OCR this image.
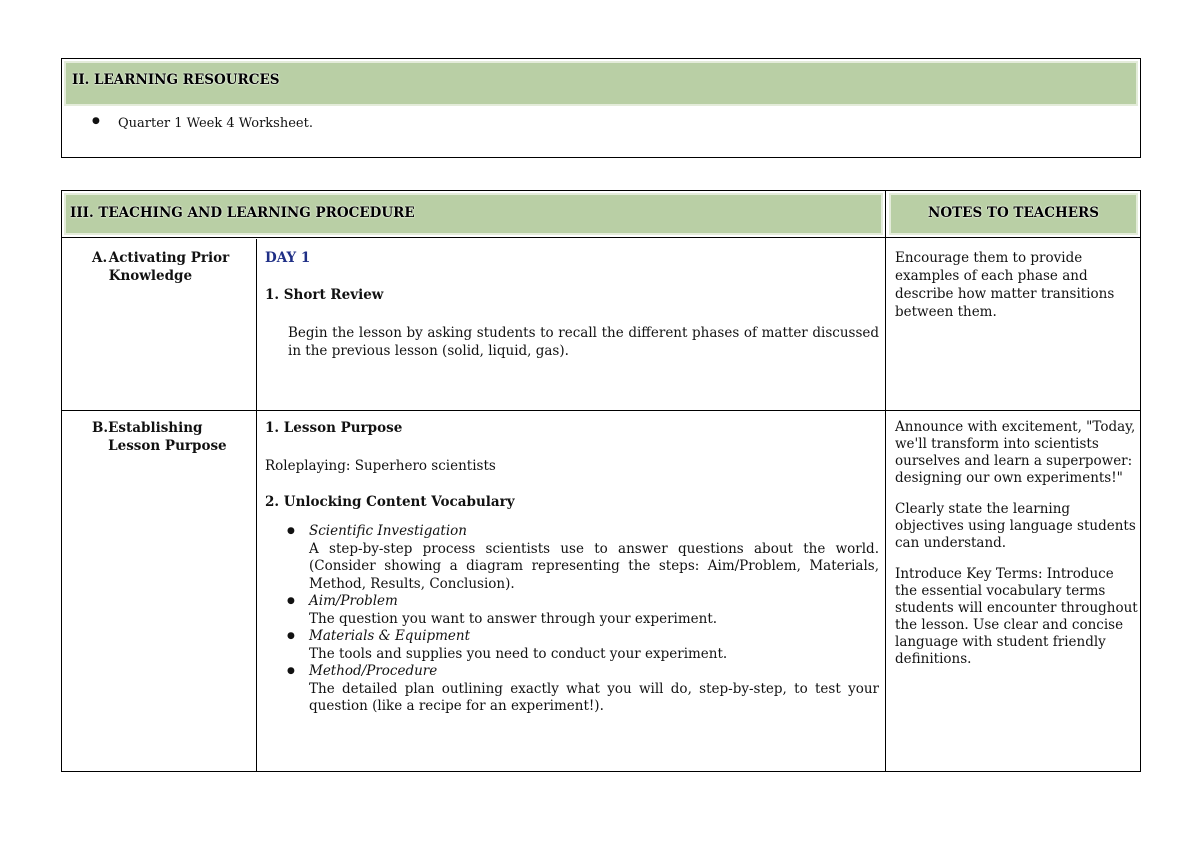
II. LEARNING RESOURCES
● Quarter 1 Week 4 Worksheet.
III. TEACHING AND LEARNING PROCEDURE	NOTES TO TEACHERS
A. Activating Prior Knowledge
DAY 1
1. Short Review
Begin the lesson by asking students to recall the different phases of matter discussed in the previous lesson (solid, liquid, gas).
Encourage them to provide examples of each phase and describe how matter transitions between them.
B. Establishing Lesson Purpose
1. Lesson Purpose
Roleplaying: Superhero scientists
2. Unlocking Content Vocabulary
● Scientific Investigation
A step-by-step process scientists use to answer questions about the world. (Consider showing a diagram representing the steps: Aim/Problem, Materials, Method, Results, Conclusion).
● Aim/Problem
The question you want to answer through your experiment.
● Materials & Equipment
The tools and supplies you need to conduct your experiment.
● Method/Procedure
The detailed plan outlining exactly what you will do, step-by-step, to test your question (like a recipe for an experiment!).

Announce with excitement, "Today, we'll transform into scientists ourselves and learn a superpower: designing our own experiments!"

Clearly state the learning objectives using language students can understand.

Introduce Key Terms: Introduce the essential vocabulary terms students will encounter throughout the lesson. Use clear and concise language with student friendly definitions.
